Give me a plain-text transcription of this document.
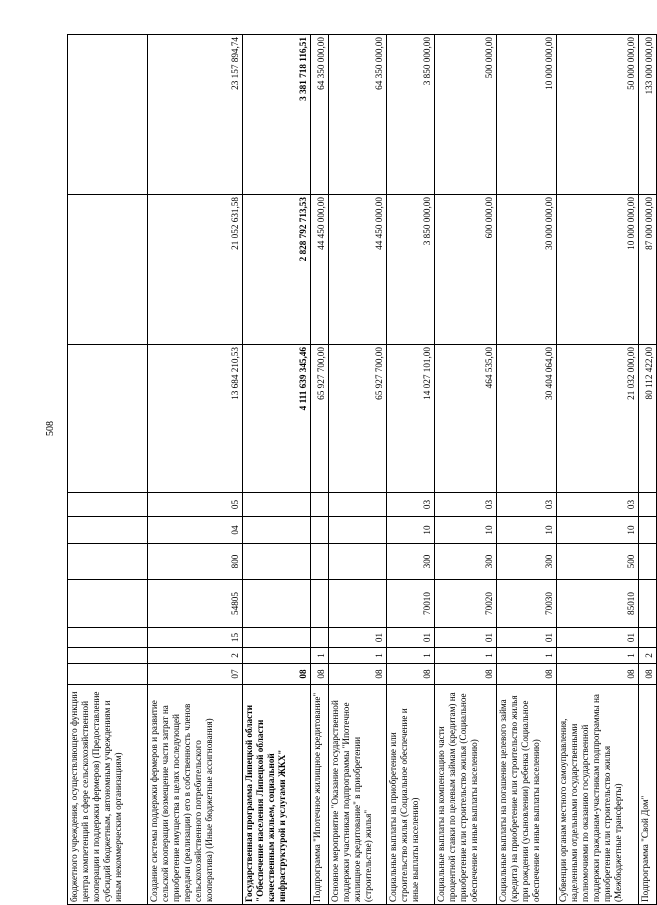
508
бюджетного учреждения, осуществляющего функции центра компетенций в сфере сельскохозяйственной кооперации и поддержки фермеров) (Предоставление субсидий бюджетным, автономным учреждениям и иным некоммерческим организациям)										
Создание системы поддержки фермеров и развитие сельской кооперации (возмещение части затрат на приобретение имущества в целях последующей передачи (реализации) его в собственность членов сельскохозяйственного потребительского кооператива) (Иные бюджетные ассигнования)	07	2	15	54805	800	04	05	13 684 210,53	21 052 631,58	23 157 894,74
Государственная программа Липецкой области "Обеспечение населения Липецкой области качественным жильем, социальной инфраструктурой и услугами ЖКХ"	08							4 111 639 345,46	2 828 792 713,53	3 381 718 116,51
Подпрограмма "Ипотечное жилищное кредитование"	08	1						65 927 700,00	44 450 000,00	64 350 000,00
Основное мероприятие "Оказание государственной поддержки участникам подпрограммы "Ипотечное жилищное кредитование" в приобретении (строительстве) жилья"	08	1	01					65 927 700,00	44 450 000,00	64 350 000,00
Социальные выплаты на приобретение или строительство жилья (Социальное обеспечение и иные выплаты населению)	08	1	01	70010	300	10	03	14 027 101,00	3 850 000,00	3 850 000,00
Социальные выплаты на компенсацию части процентной ставки по целевым займам (кредитам) на приобретение или строительство жилья (Социальное обеспечение и иные выплаты населению)	08	1	01	70020	300	10	03	464 535,00	600 000,00	500 000,00
Социальные выплаты на погашение целевого займа (кредита) на приобретение или строительство жилья при рождении (усыновлении) ребенка (Социальное обеспечение и иные выплаты населению)	08	1	01	70030	300	10	03	30 404 064,00	30 000 000,00	10 000 000,00
Субвенции органам местного самоуправления, наделенными отдельными государственными полномочиями по оказанию государственной поддержки гражданам-участникам подпрограммы на приобретение или строительство жилья (Межбюджетные трансферты)	08	1	01	85010	500	10	03	21 032 000,00	10 000 000,00	50 000 000,00
Подпрограмма "Свой Дом"	08	2						80 112 422,00	87 000 000,00	133 000 000,00
